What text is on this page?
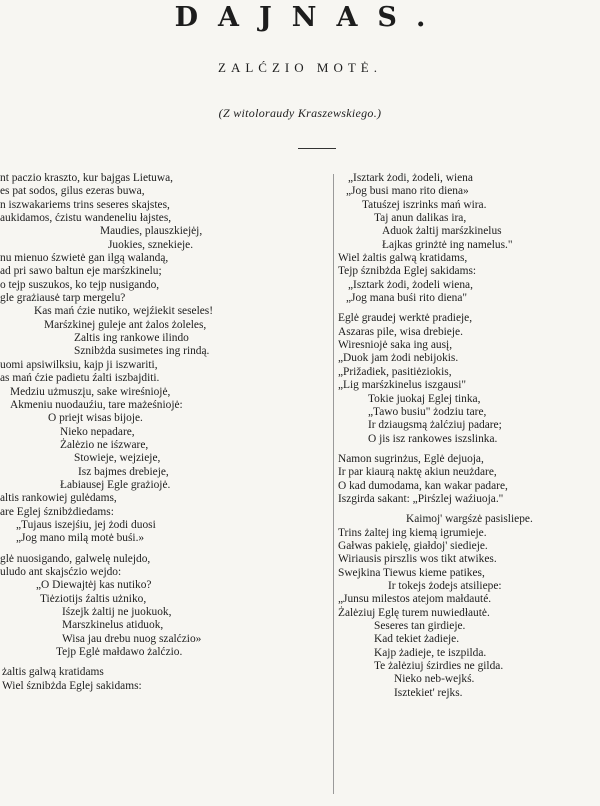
DAJNAS.
ZALĆZIO MOTĖ.
(Z witoloraudy Kraszewskiego.)
nt paczio kraszto, kur bajgas Lietuwa,
es pat sodos, gilus ezeras buwa,
n iszwakariems trins seseres skajstes,
aukidamos, ćzistu wandeneliu łajstes,
Maudies, plauszkiejėj,
Juokies, sznekieje.
nu mienuo śzwietė gan ilgą walandą,
ad pri sawo baltun eje marśzkinelu;
o tejp suszukos, ko tejp nusigando,
gle grażiausė tarp mergelu?
Kas mań ćzie nutiko, wejźiekit seseles!
Marśzkinej guleje ant żalos żoleles,
Zaltis ing rankowe ilindo
Sznibżda susimetes ing rindą.
uomi apsiwilksiu, kajp ji iszwariti,
as mań ćzie padietu źalti iszbajditi.
Medziu użmuszįu, sake wireśniojė,
Akmeniu nuodauźiu, tare mażeśniojė:
O priejt wisas bijoje.
Nieko nepadare,
Żalėzio ne iśzware,
Stowieje, wejzieje,
Isz bajmes drebieje,
Łabiausej Egle grażiojė.
altis rankowiej gulėdams,
are Eglej śznibżdiedams:
„Tujaus iszejśiu, jej żodi duosi
„Jog mano milą motė buśi.»
glė nuosigando, galwelę nulejdo,
uludo ant skajsćzio wejdo:
„O Diewajtėj kas nutiko?
Tiėziotijs źaltis użniko,
Iśzejk żaltij ne juokuok,
Marszkinelus atiduok,
Wisa jau drebu nuog szalćzio»
Tejp Eglė małdawo żalćzio.
żaltis galwą kratidams
Wiel śznibżda Eglej sakidams:
„Isztark żodi, żodeli, wiena
„Jog busi mano rito diena»
Tatuśzej iszrinks mań wira.
Taj anun dalikas ira,
Aduok żaltij marśzkinelus
Łajkas grinżtė ing namelus."
Wiel żaltis galwą kratidams,
Tejp śznibżda Eglej sakidams:
„Isztark żodi, żodeli wiena,
„Jog mana buśi rito diena"
Eglė graudej werktė pradieje,
Aszaras pile, wisa drebieje.
Wiresniojė saka ing ausį,
„Duok jam żodi nebijokis.
„Prižadiek, pasitiėziokis,
„Lig marśzkinelus iszgausi"
Tokie juokaj Eglej tinka,
„Tawo busiu" żodziu tare,
Ir dziaugsmą żalćziuj padare;
O jis isz rankowes iszslinka.
Namon sugrinżus, Eglė dejuoja,
Ir par kiaurą naktę akiun neużdare,
O kad dumodama, kan wakar padare,
Iszgirda sakant: „Pirśzlej waźiuoja."
Kaimoj' wargśzė pasisliepe.
Trins żaltej ing kiemą igrumieje.
Gałwas pakielę, giałdoj' siedieje.
Wiriausis pirszlis wos tikt atwikes.
Swejkina Tiewus kieme patikes,
Ir tokejs żodejs atsiliepe:
„Junsu milestos atejom małdauté.
Żalėziuj Eglę turem nuwiedłautė.
Seseres tan girdieje.
Kad tekiet żadieje.
Kajp żadieje, te iszpilda.
Te żalėziuj śzirdies ne gilda.
Nieko neb-wejkś.
Isztekiet' rejks.
